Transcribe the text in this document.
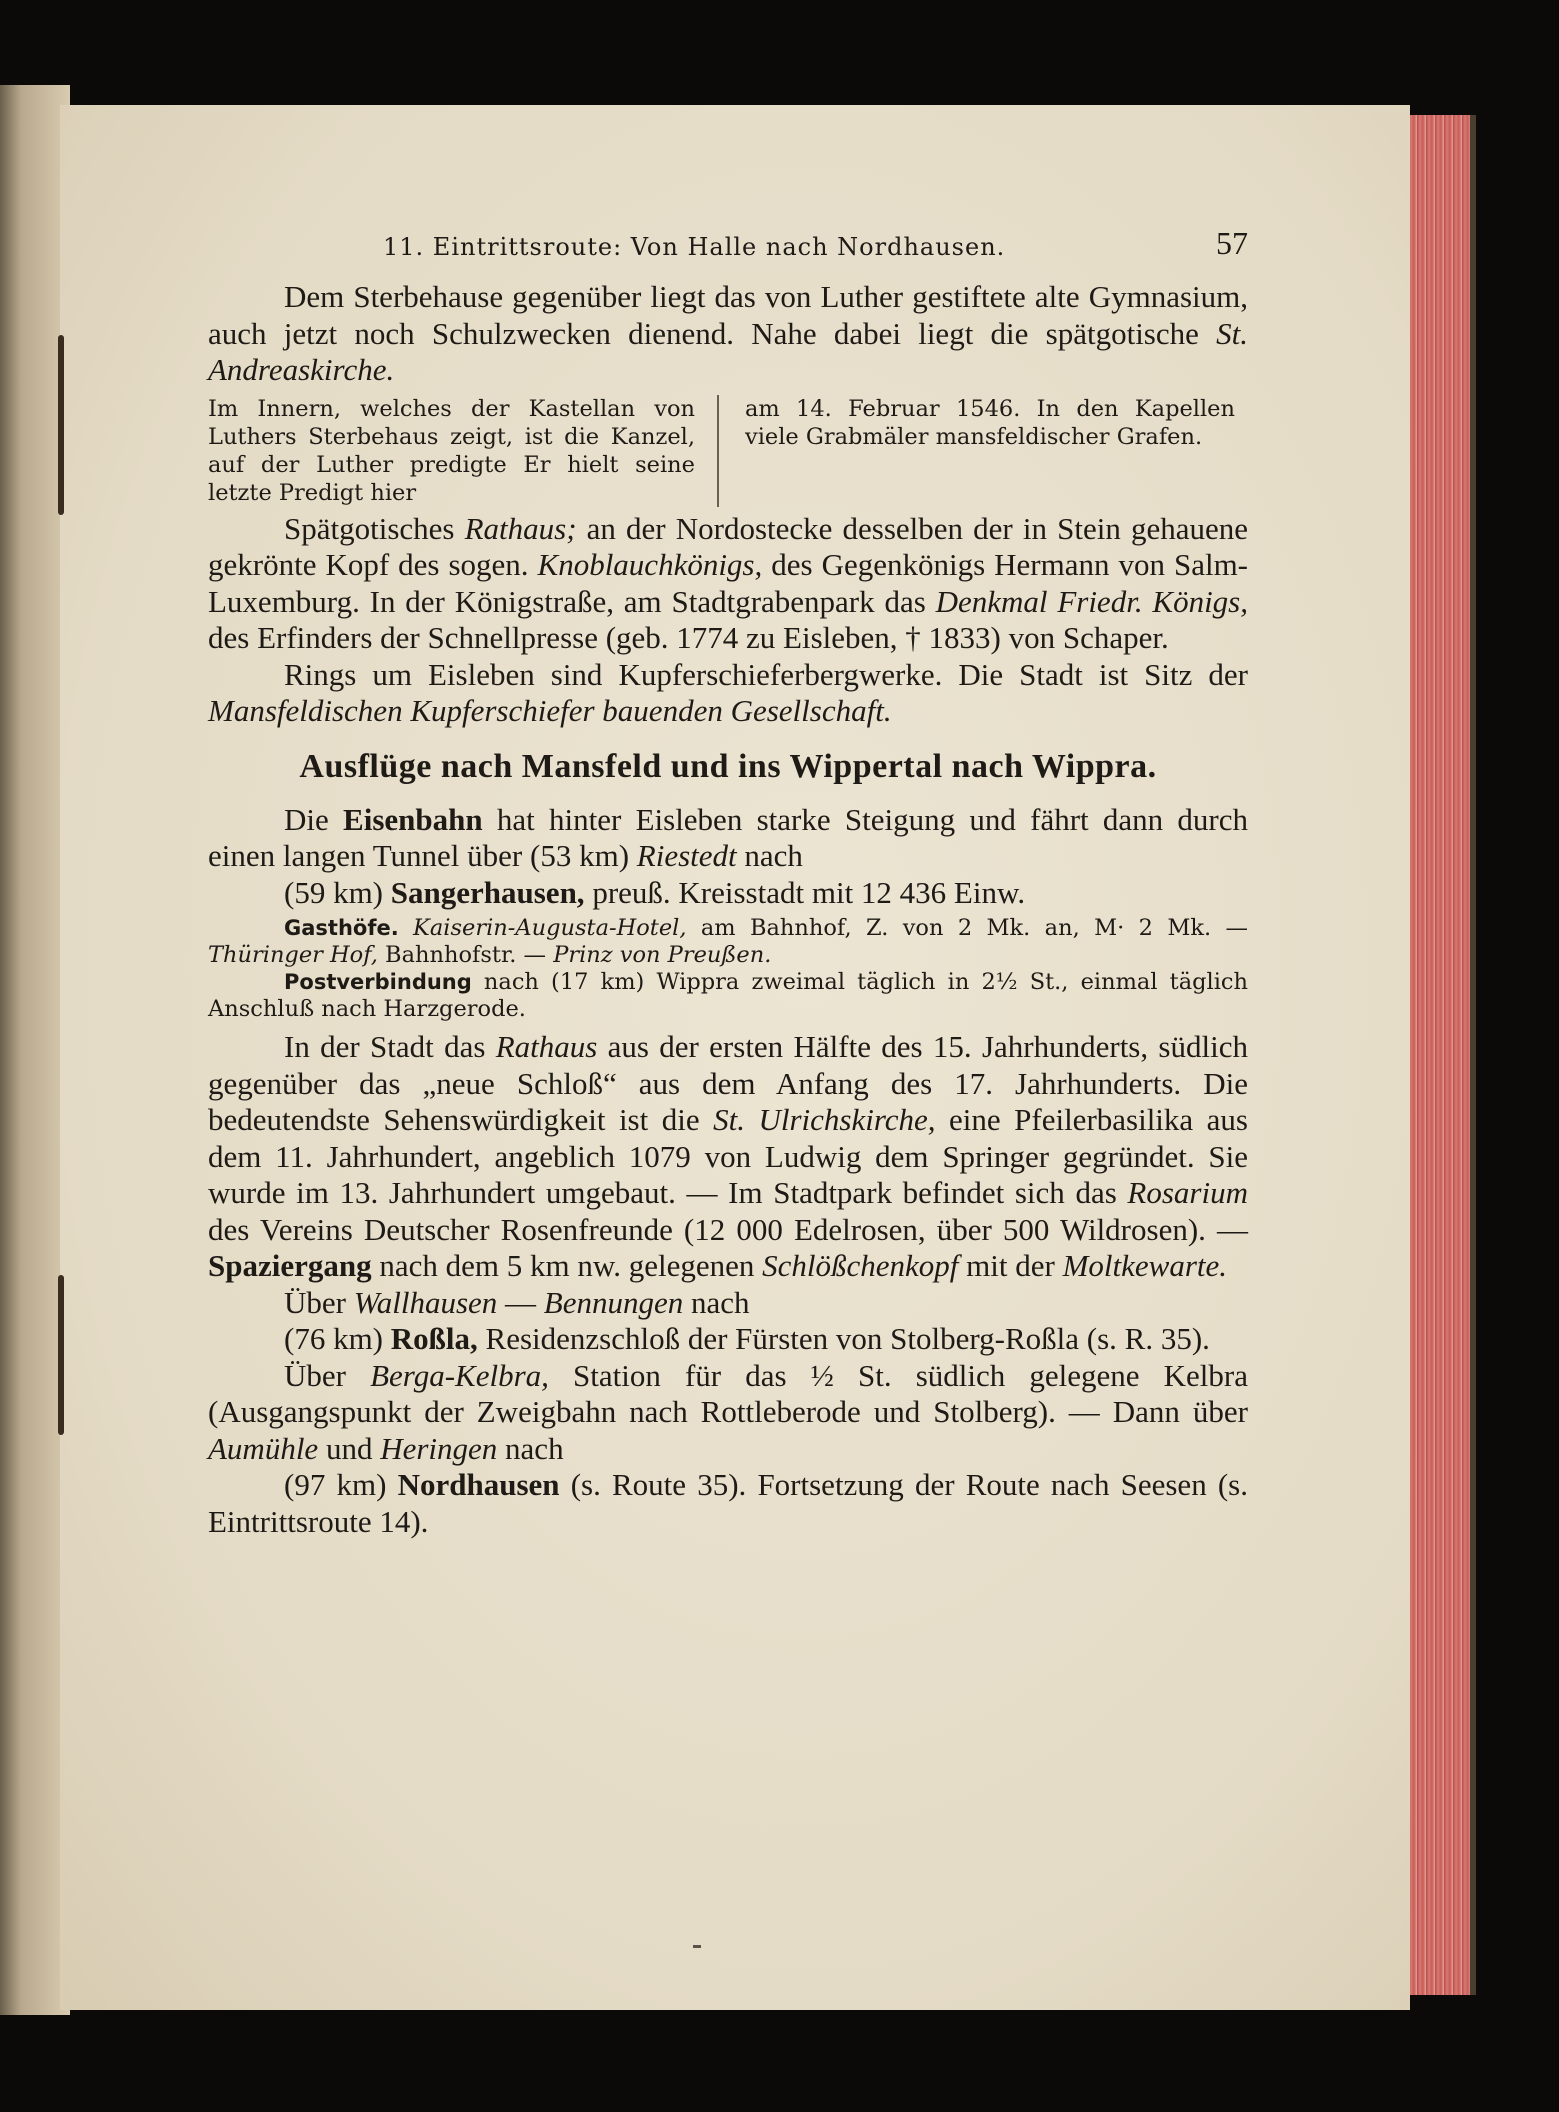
11. Eintrittsroute: Von Halle nach Nordhausen.	57

Dem Sterbehause gegenüber liegt das von Luther gestiftete alte Gymnasium, auch jetzt noch Schulzwecken dienend. Nahe dabei liegt die spätgotische St. Andreaskirche.

Im Innern, welches der Kastellan von Luthers Sterbehaus zeigt, ist die Kanzel, auf der Luther predigte Er hielt seine letzte Predigt hier
am 14. Februar 1546. In den Kapellen viele Grabmäler mansfeldischer Grafen.

Spätgotisches Rathaus; an der Nordostecke desselben der in Stein gehauene gekrönte Kopf des sogen. Knoblauchkönigs, des Gegenkönigs Hermann von Salm-Luxemburg. In der Königstraße, am Stadtgrabenpark das Denkmal Friedr. Königs, des Erfinders der Schnellpresse (geb. 1774 zu Eisleben, † 1833) von Schaper.

Rings um Eisleben sind Kupferschieferbergwerke. Die Stadt ist Sitz der Mansfeldischen Kupferschiefer bauenden Gesellschaft.

Ausflüge nach Mansfeld und ins Wippertal nach Wippra.

Die Eisenbahn hat hinter Eisleben starke Steigung und fährt dann durch einen langen Tunnel über (53 km) Riestedt nach

(59 km) Sangerhausen, preuß. Kreisstadt mit 12 436 Einw.

Gasthöfe. Kaiserin-Augusta-Hotel, am Bahnhof, Z. von 2 Mk. an, M· 2 Mk. — Thüringer Hof, Bahnhofstr. — Prinz von Preußen.
Postverbindung nach (17 km) Wippra zweimal täglich in 2½ St., einmal täglich Anschluß nach Harzgerode.

In der Stadt das Rathaus aus der ersten Hälfte des 15. Jahrhunderts, südlich gegenüber das „neue Schloß“ aus dem Anfang des 17. Jahrhunderts. Die bedeutendste Sehenswürdigkeit ist die St. Ulrichskirche, eine Pfeilerbasilika aus dem 11. Jahrhundert, angeblich 1079 von Ludwig dem Springer gegründet. Sie wurde im 13. Jahrhundert umgebaut. — Im Stadtpark befindet sich das Rosarium des Vereins Deutscher Rosenfreunde (12 000 Edelrosen, über 500 Wildrosen). — Spaziergang nach dem 5 km nw. gelegenen Schlößchenkopf mit der Moltkewarte.

Über Wallhausen — Bennungen nach

(76 km) Roßla, Residenzschloß der Fürsten von Stolberg-Roßla (s. R. 35).

Über Berga-Kelbra, Station für das ½ St. südlich gelegene Kelbra (Ausgangspunkt der Zweigbahn nach Rottleberode und Stolberg). — Dann über Aumühle und Heringen nach

(97 km) Nordhausen (s. Route 35). Fortsetzung der Route nach Seesen (s. Eintrittsroute 14).
